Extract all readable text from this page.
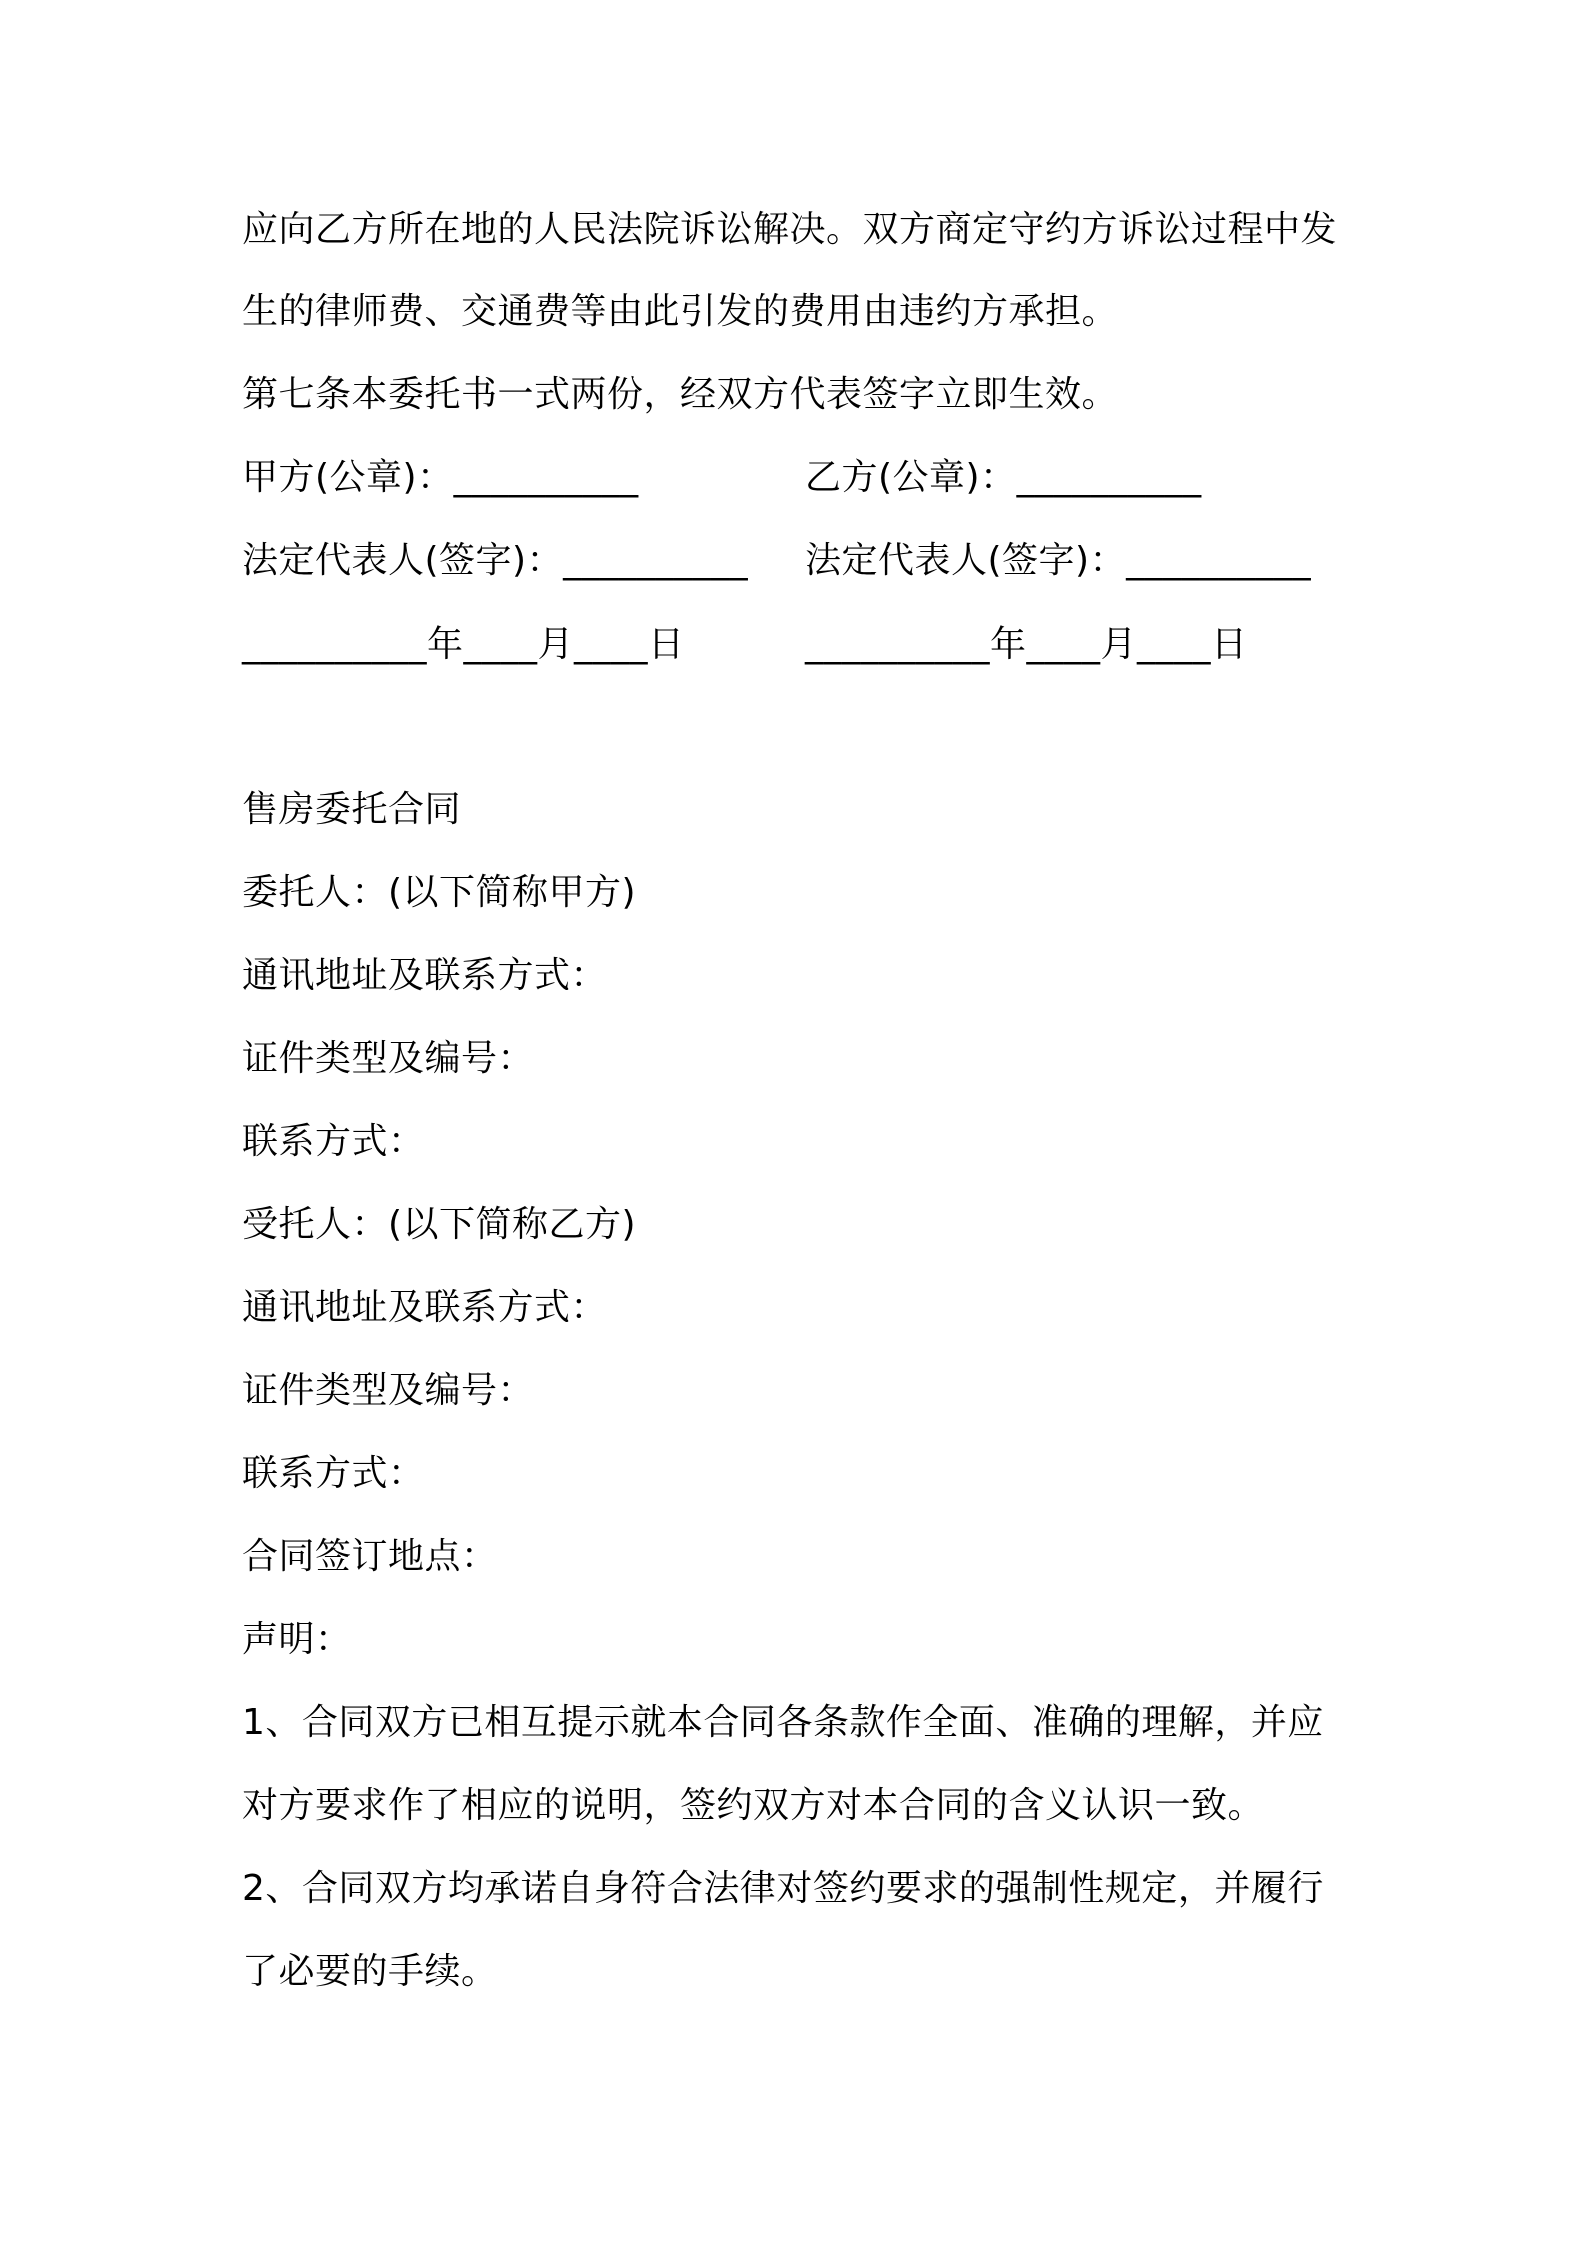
应向乙方所在地的人民法院诉讼解决。双方商定守约方诉讼过程中发
生的律师费、交通费等由此引发的费用由违约方承担。
第七条本委托书一式两份，经双方代表签字立即生效。
甲方(公章)：__________	乙方(公章)：__________
法定代表人(签字)：__________ 法定代表人(签字)：__________
__________年____月____日	__________年____月____日
售房委托合同
委托人：(以下简称甲方)
通讯地址及联系方式：
证件类型及编号：
联系方式：
受托人：(以下简称乙方)
通讯地址及联系方式：
证件类型及编号：
联系方式：
合同签订地点：
声明：
1、合同双方已相互提示就本合同各条款作全面、准确的理解，并应
对方要求作了相应的说明，签约双方对本合同的含义认识一致。
2、合同双方均承诺自身符合法律对签约要求的强制性规定，并履行
了必要的手续。
